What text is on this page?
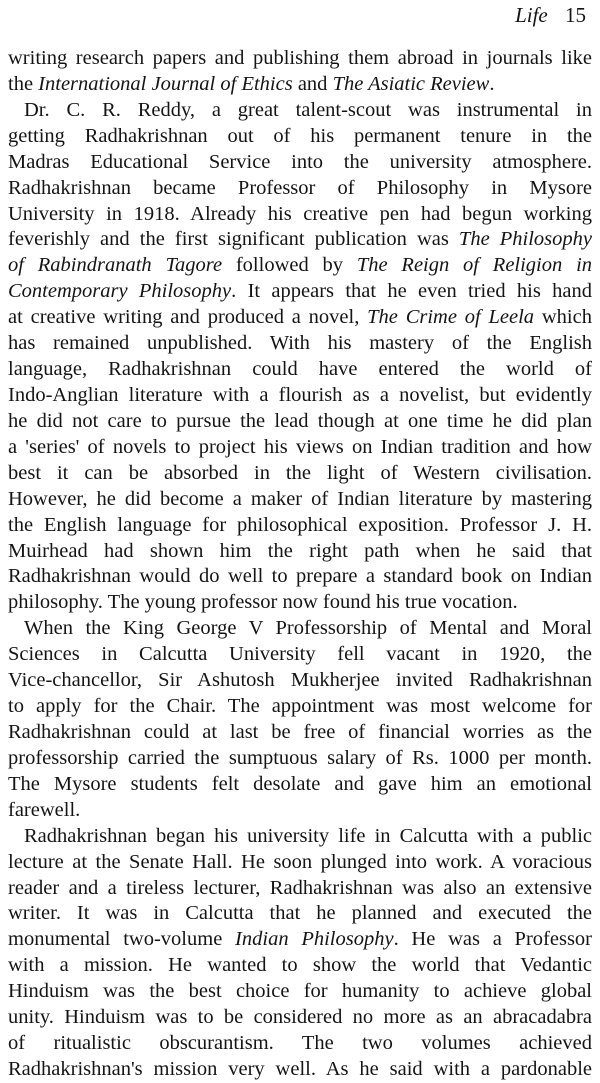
Life 15
writing research papers and publishing them abroad in journals like
the International Journal of Ethics and The Asiatic Review.
Dr. C. R. Reddy, a great talent-scout was instrumental in
getting Radhakrishnan out of his permanent tenure in the
Madras Educational Service into the university atmosphere.
Radhakrishnan became Professor of Philosophy in Mysore
University in 1918. Already his creative pen had begun working
feverishly and the first significant publication was The Philosophy
of Rabindranath Tagore followed by The Reign of Religion in
Contemporary Philosophy. It appears that he even tried his hand
at creative writing and produced a novel, The Crime of Leela which
has remained unpublished. With his mastery of the English
language, Radhakrishnan could have entered the world of
Indo-Anglian literature with a flourish as a novelist, but evidently
he did not care to pursue the lead though at one time he did plan
a 'series' of novels to project his views on Indian tradition and how
best it can be absorbed in the light of Western civilisation.
However, he did become a maker of Indian literature by mastering
the English language for philosophical exposition. Professor J. H.
Muirhead had shown him the right path when he said that
Radhakrishnan would do well to prepare a standard book on Indian
philosophy. The young professor now found his true vocation.
When the King George V Professorship of Mental and Moral
Sciences in Calcutta University fell vacant in 1920, the
Vice-chancellor, Sir Ashutosh Mukherjee invited Radhakrishnan
to apply for the Chair. The appointment was most welcome for
Radhakrishnan could at last be free of financial worries as the
professorship carried the sumptuous salary of Rs. 1000 per month.
The Mysore students felt desolate and gave him an emotional
farewell.
Radhakrishnan began his university life in Calcutta with a public
lecture at the Senate Hall. He soon plunged into work. A voracious
reader and a tireless lecturer, Radhakrishnan was also an extensive
writer. It was in Calcutta that he planned and executed the
monumental two-volume Indian Philosophy. He was a Professor
with a mission. He wanted to show the world that Vedantic
Hinduism was the best choice for humanity to achieve global
unity. Hinduism was to be considered no more as an abracadabra
of ritualistic obscurantism. The two volumes achieved
Radhakrishnan's mission very well. As he said with a pardonable
